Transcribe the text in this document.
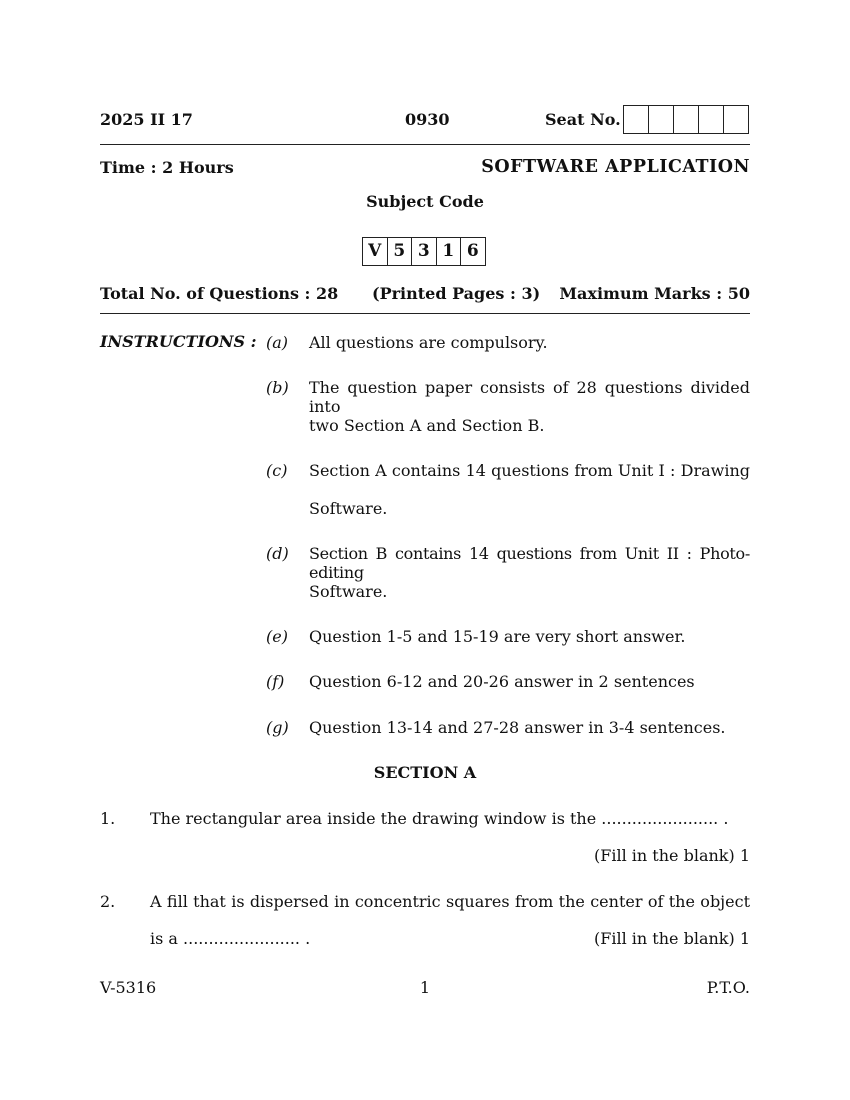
2025 II 17	0930	Seat No.
Time : 2 Hours	SOFTWARE APPLICATION
Subject Code
V 5 3 1 6
Total No. of Questions : 28 (Printed Pages : 3) Maximum Marks : 50
INSTRUCTIONS : (a) All questions are compulsory.
(b) The question paper consists of 28 questions divided into
two Section A and Section B.
(c) Section A contains 14 questions from Unit I : Drawing
Software.
(d) Section B contains 14 questions from Unit II : Photo-editing
Software.
(e) Question 1-5 and 15-19 are very short answer.
(f) Question 6-12 and 20-26 answer in 2 sentences
(g) Question 13-14 and 27-28 answer in 3-4 sentences.
SECTION A
1. The rectangular area inside the drawing window is the ....................... .
(Fill in the blank) 1
2. A fill that is dispersed in concentric squares from the center of the object
is a ....................... .	(Fill in the blank) 1
V-5316	1	P.T.O.
